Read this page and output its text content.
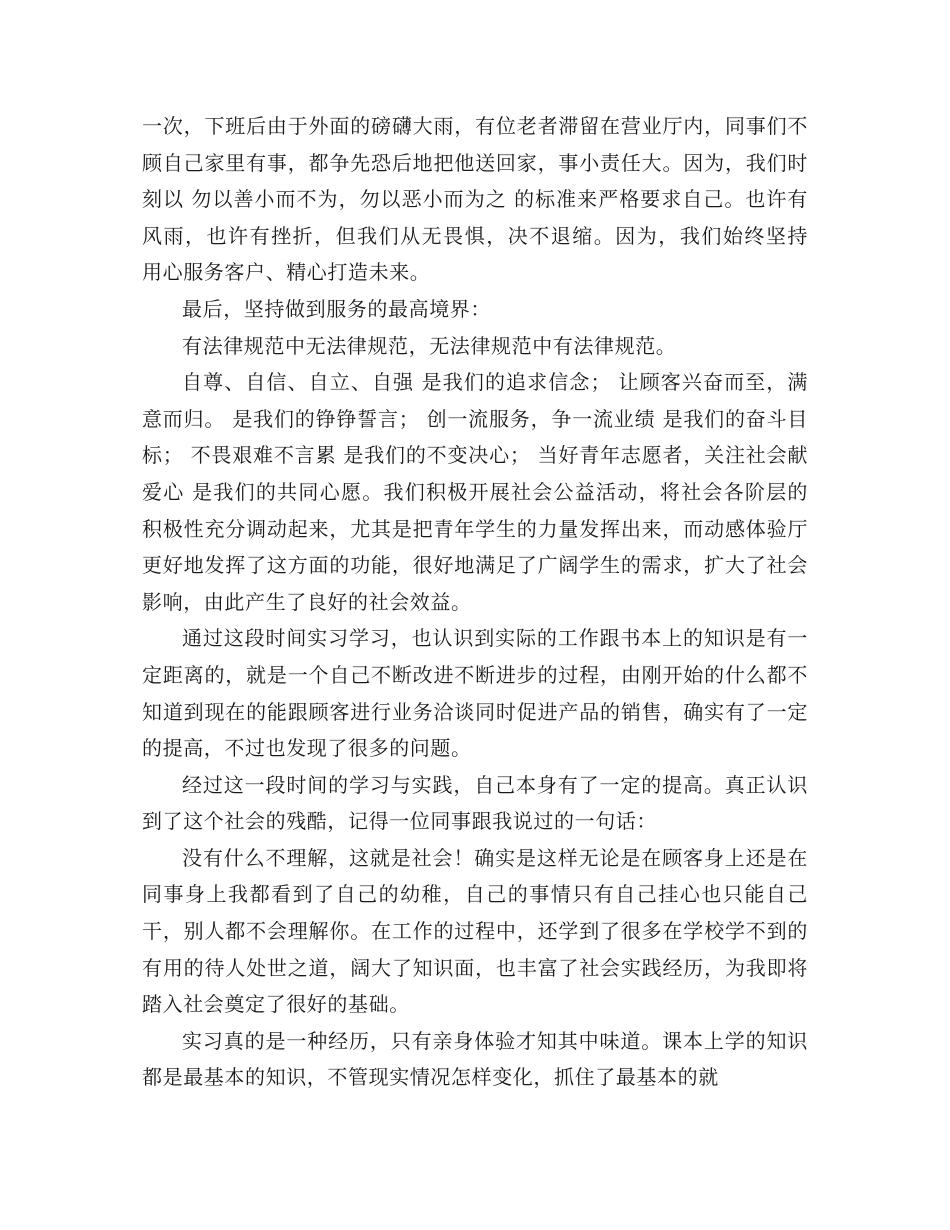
一次，下班后由于外面的磅礴大雨，有位老者滞留在营业厅内，同事们不顾自己家里有事，都争先恐后地把他送回家，事小责任大。因为，我们时刻以 勿以善小而不为，勿以恶小而为之 的标准来严格要求自己。也许有风雨，也许有挫折，但我们从无畏惧，决不退缩。因为，我们始终坚持 用心服务客户、精心打造未来。

最后，坚持做到服务的最高境界：

有法律规范中无法律规范，无法律规范中有法律规范。

自尊、自信、自立、自强 是我们的追求信念； 让顾客兴奋而至，满意而归。 是我们的铮铮誓言； 创一流服务，争一流业绩 是我们的奋斗目标； 不畏艰难不言累 是我们的不变决心； 当好青年志愿者，关注社会献爱心 是我们的共同心愿。我们积极开展社会公益活动，将社会各阶层的积极性充分调动起来，尤其是把青年学生的力量发挥出来，而动感体验厅更好地发挥了这方面的功能，很好地满足了广阔学生的需求，扩大了社会影响，由此产生了良好的社会效益。

通过这段时间实习学习，也认识到实际的工作跟书本上的知识是有一定距离的，就是一个自己不断改进不断进步的过程，由刚开始的什么都不知道到现在的能跟顾客进行业务洽谈同时促进产品的销售，确实有了一定的提高，不过也发现了很多的问题。

经过这一段时间的学习与实践，自己本身有了一定的提高。真正认识到了这个社会的残酷，记得一位同事跟我说过的一句话：

没有什么不理解，这就是社会！确实是这样无论是在顾客身上还是在同事身上我都看到了自己的幼稚，自己的事情只有自己挂心也只能自己干，别人都不会理解你。在工作的过程中，还学到了很多在学校学不到的有用的待人处世之道，阔大了知识面，也丰富了社会实践经历，为我即将踏入社会奠定了很好的基础。

实习真的是一种经历，只有亲身体验才知其中味道。课本上学的知识都是最基本的知识，不管现实情况怎样变化，抓住了最基本的就
